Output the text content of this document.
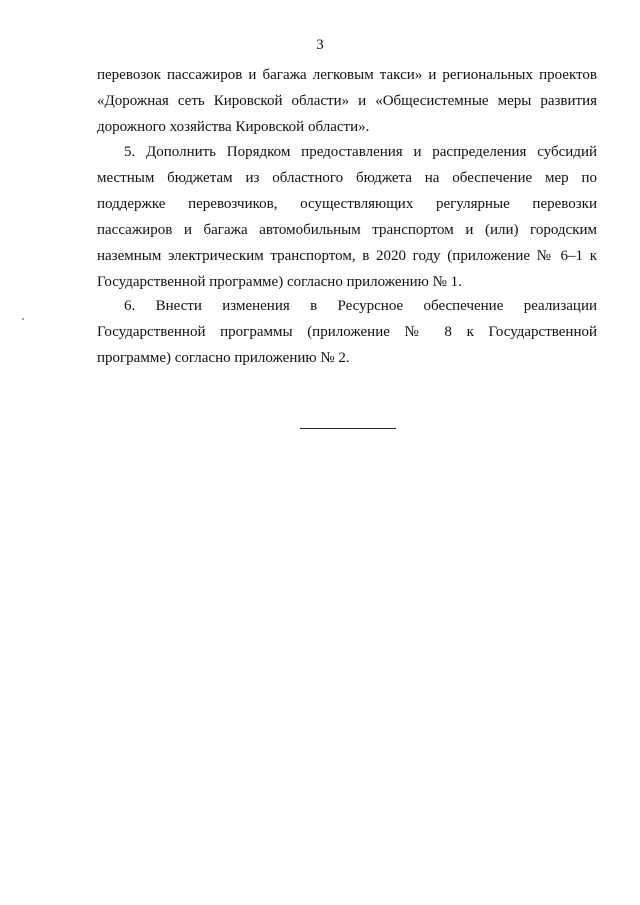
3
перевозок пассажиров и багажа легковым такси» и региональных проектов
«Дорожная сеть Кировской области» и «Общесистемные меры развития
дорожного хозяйства Кировской области».
5. Дополнить Порядком предоставления и распределения субсидий
местным бюджетам из областного бюджета на обеспечение мер по
поддержке перевозчиков, осуществляющих регулярные перевозки
пассажиров и багажа автомобильным транспортом и (или) городским
наземным электрическим транспортом, в 2020 году (приложение № 6–1 к
Государственной программе) согласно приложению № 1.
6. Внести изменения в Ресурсное обеспечение реализации
Государственной программы (приложение № 8 к Государственной
программе) согласно приложению № 2.
